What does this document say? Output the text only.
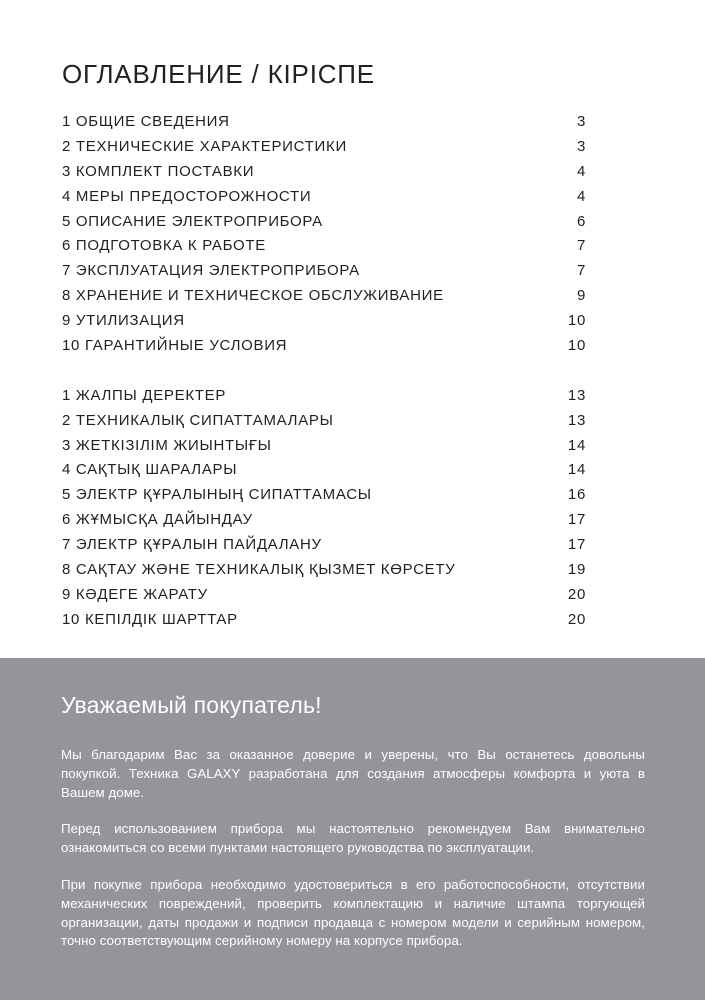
ОГЛАВЛЕНИЕ / КІРІСПЕ
1 ОБЩИЕ СВЕДЕНИЯ	3
2 ТЕХНИЧЕСКИЕ ХАРАКТЕРИСТИКИ	3
3 КОМПЛЕКТ ПОСТАВКИ	4
4 МЕРЫ ПРЕДОСТОРОЖНОСТИ	4
5 ОПИСАНИЕ ЭЛЕКТРОПРИБОРА	6
6 ПОДГОТОВКА К РАБОТЕ	7
7 ЭКСПЛУАТАЦИЯ ЭЛЕКТРОПРИБОРА	7
8 ХРАНЕНИЕ И ТЕХНИЧЕСКОЕ ОБСЛУЖИВАНИЕ	9
9 УТИЛИЗАЦИЯ	10
10 ГАРАНТИЙНЫЕ УСЛОВИЯ	10
1 ЖАЛПЫ ДЕРЕКТЕР	13
2 ТЕХНИКАЛЫҚ СИПАТТАМАЛАРЫ	13
3 ЖЕТКІЗІЛІМ ЖИЫНТЫҒЫ	14
4 САҚТЫҚ ШАРАЛАРЫ	14
5 ЭЛЕКТР ҚҰРАЛЫНЫҢ СИПАТТАМАСЫ	16
6 ЖҰМЫСҚА ДАЙЫНДАУ	17
7 ЭЛЕКТР ҚҰРАЛЫН ПАЙДАЛАНУ	17
8 САҚТАУ ЖӘНЕ ТЕХНИКАЛЫҚ ҚЫЗМЕТ КӨРСЕТУ	19
9 КӘДЕГЕ ЖАРАТУ	20
10 КЕПІЛДІК ШАРТТАР	20
Уважаемый покупатель!

Мы благодарим Вас за оказанное доверие и уверены, что Вы останетесь довольны покупкой. Техника GALAXY разработана для создания атмосферы комфорта и уюта в Вашем доме.

Перед использованием прибора мы настоятельно рекомендуем Вам внимательно ознакомиться со всеми пунктами настоящего руководства по эксплуатации.

При покупке прибора необходимо удостовериться в его работоспособности, отсутствии механических повреждений, проверить комплектацию и наличие штампа торгующей организации, даты продажи и подписи продавца с номером модели и серийным номером, точно соответствующим серийному номеру на корпусе прибора.
